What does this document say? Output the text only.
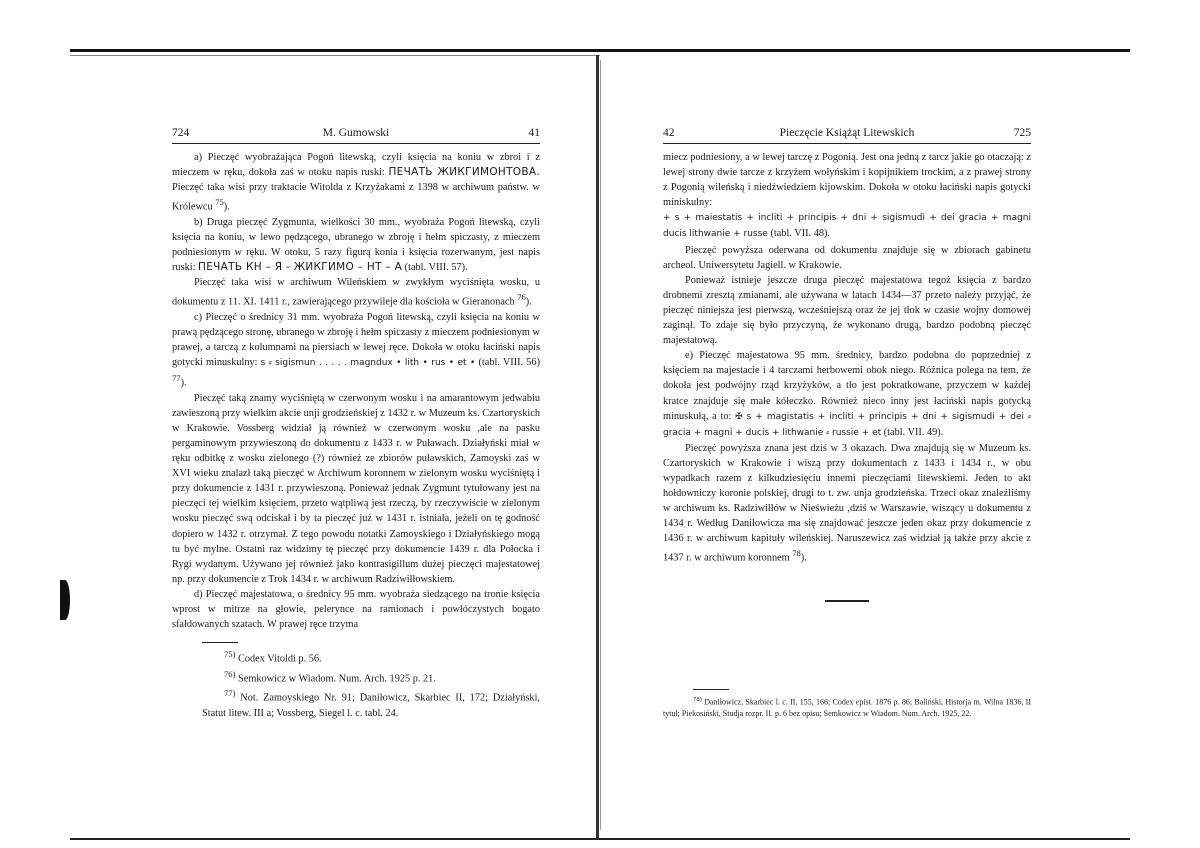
724	M. Gumowski	41

a) Pieczęć wyobrażająca Pogoń litewską, czyli księcia na koniu w zbroi i z mieczem w ręku, dokoła zaś w otoku napis ruski: ПЕЧАТЬ ЖИКГИМОНТОВА. Pieczęć taka wisi przy traktacie Witolda z Krzyżakami z 1398 w archiwum państw. w Królewcu $^{75}$).

b) Druga pieczęć Zygmunta, wielkości 30 mm., wyobraża Pogoń litewską, czyli księcia na koniu, w lewo pędzącego, ubranego w zbroję i hełm spiczasty, z mieczem podniesionym w ręku. W otoku, 5 razy figurą konia i księcia rozerwanym, jest napis ruski: ПЕЧАТЬ КН – Я - ЖИКГИМО – НТ – А (tabl. VIII. 57).

Pieczęć taka wisi w archiwum Wileńskiem w zwykłym wyciśnięta wosku, u dokumentu z 11. XI. 1411 r., zawierającego przywileje dla kościoła w Gieranonach $^{76}$).

c) Pieczęć o średnicy 31 mm. wyobraża Pogoń litewską, czyli księcia na koniu w prawą pędzącego stronę, ubranego w zbroję i hełm spiczasty z mieczem podniesionym w prawej, a tarczą z kolumnami na piersiach w lewej ręce. Dokoła w otoku łaciński napis gotycki minuskulny: s ⸗ sigismun . . . . . magndux • lith • rus • et • (tabl. VIII. 56) $^{77}$).

Pieczęć taką znamy wyciśniętą w czerwonym wosku i na amarantowym jedwabiu zawieszoną przy wielkim akcie unji grodzieńskiej z 1432 r. w Muzeum ks. Czartoryskich w Krakowie. Vossberg widział ją również w czerwonym wosku ,ale na pasku pergaminowym przywieszoną do dokumentu z 1433 r. w Puławach. Działyński miał w ręku odbitkę z wosku zielonego (?) również ze zbiorów puławskich, Zamoyski zaś w XVI wieku znalazł taką pieczęć w Archiwum koronnem w zielonym wosku wyciśniętą i przy dokumencie z 1431 r. przywieszoną. Ponieważ jednak Zygmunt tytułowany jest na pieczęci tej wielkim księciem, przeto wątpliwą jest rzeczą, by rzeczywiście w zielonym wosku pieczęć swą odciskał i by ta pieczęć już w 1431 r. istniała, jeżeli on tę godność dopiero w 1432 r. otrzymał. Z tego powodu notatki Zamoyskiego i Działyńskiego mogą tu być mylne. Ostatni raz widzimy tę pieczęć przy dokumencie 1439 r. dla Połocka i Rygi wydanym. Używano jej również jako kontrasigillum dużej pieczęci majestatowej np. przy dokumencie z Trok 1434 r. w archiwum Radziwiłłowskiem.

d) Pieczęć majestatowa, o średnicy 95 mm. wyobraża siedzącego na tronie księcia wprost w mitrze na głowie, pelerynce na ramionach i powłóczystych bogato sfałdowanych szatach. W prawej ręce trzyma

$^{75)}$ Codex Vitoldi p. 56.

$^{76)}$ Semkowicz w Wiadom. Num. Arch. 1925 p. 21.

$^{77)}$ Not. Zamoyskiego Nr. 91; Daniłowicz, Skarbiec II, 172; Działyński, Statut litew. III a; Vossberg, Siegel l. c. tabl. 24.

42	Pieczęcie Książąt Litewskich	725

miecz podniesiony, a w lewej tarczę z Pogonią. Jest ona jedną z tarcz jakie go otaczają: z lewej strony dwie tarcze z krzyżem wołyńskim i kopijnikiem trockim, a z prawej strony z Pogonią wileńską i niedźwiedziem kijowskim. Dokoła w otoku łaciński napis gotycki miniskulny:

+ s + maiestatis + incliti + principis + dni + sigismudi + dei gracia + magni ducis lithwanie + russe (tabl. VII. 48).

Pieczęć powyższa oderwana od dokumentu znajduje się w zbiorach gabinetu archeol. Uniwersytetu Jagiell. w Krakowie.

Ponieważ istnieje jeszcze druga pieczęć majestatowa tegoż księcia z bardzo drobnemi zresztą zmianami, ale używana w latach 1434—37 przeto należy przyjąć, że pieczęć niniejsza jest pierwszą, wcześniejszą oraz że jej tłok w czasie wojny domowej zaginął. To zdaje się było przyczyną, że wykonano drugą, bardzo podobną pieczęć majestatową.

e) Pieczęć majestatowa 95 mm. średnicy, bardzo podobna do poprzedniej z księciem na majestacie i 4 tarczami herbowemi obok niego. Różnica polega na tem, że dokoła jest podwójny rząd krzyżyków, a tło jest pokratkowane, przyczem w każdej kratce znajduje się małe kółeczko. Również nieco inny jest łaciński napis gotycką minuskułą, a to: ✠ s + magistatis + incliti + principis + dni + sigismudi + dei ⸗ gracia + magni + ducis + lithwanie ⸗ russie + et (tabl. VII. 49).

Pieczęć powyższa znana jest dziś w 3 okazach. Dwa znajdują się w Muzeum ks. Czartoryskich w Krakowie i wiszą przy dokumentach z 1433 i 1434 r., w obu wypadkach razem z kilkudziesięciu innemi pieczęciami litewskiemi. Jeden to akt hołdowniczy koronie polskiej, drugi to t. zw. unja grodzieńska. Trzeci okaz znaleźliśmy w archiwum ks. Radziwiłłów w Nieświeżu ,dziś w Warszawie, wiszący u dokumentu z 1434 r. Według Daniłowicza ma się znajdować jeszcze jeden okaz przy dokumencie z 1436 r. w archiwum kapituły wileńskiej. Naruszewicz zaś widział ją także przy akcie z 1437 r. w archiwum koronnem $^{78}$).

$^{78)}$ Daniłowicz, Skarbiec l. c. II, 155, 166; Codex epist. 1876 p. 86; Baliński, Historja m. Wilna 1836, II tytuł; Piekosiński, Studja rozpr. II. p. 6 bez opisu; Semkowicz w Wiadom. Num. Arch. 1925, 22.
